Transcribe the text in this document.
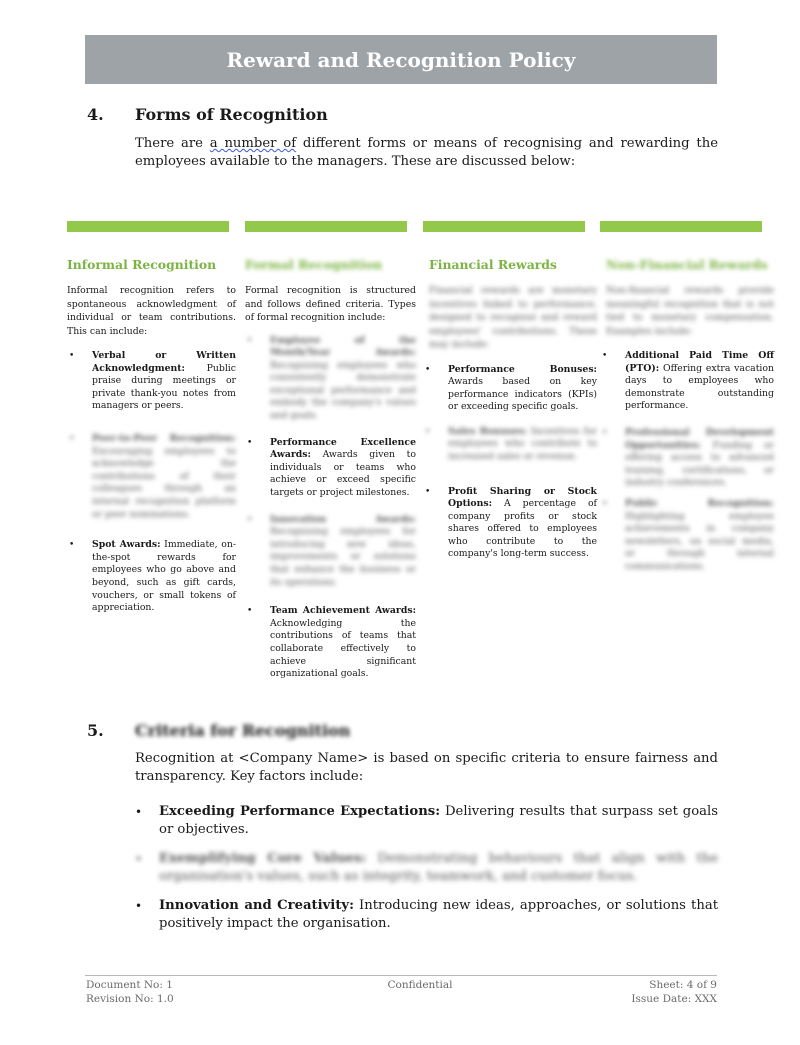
Reward and Recognition Policy
4. Forms of Recognition

There are a number of different forms or means of recognising and rewarding the employees available to the managers. These are discussed below:

Informal Recognition
Informal recognition refers to spontaneous acknowledgment of individual or team contributions. This can include:
• Verbal or Written Acknowledgment: Public praise during meetings or private thank-you notes from managers or peers.
• Peer-to-Peer Recognition: Encouraging employees to acknowledge the contributions of their colleagues through an internal recognition platform or peer nominations.
• Spot Awards: Immediate, on-the-spot rewards for employees who go above and beyond, such as gift cards, vouchers, or small tokens of appreciation.
Formal Recognition
Formal recognition is structured and follows defined criteria. Types of formal recognition include:
• Employee of the Month/Year Awards: Recognising employees who consistently demonstrate exceptional performance and embody the company's values and goals.
• Performance Excellence Awards: Awards given to individuals or teams who achieve or exceed specific targets or project milestones.
• Innovation Awards: Recognising employees for introducing new ideas, improvements or solutions that enhance the business or its operations.
• Team Achievement Awards: Acknowledging the contributions of teams that collaborate effectively to achieve significant organizational goals.
Financial Rewards
Financial rewards are monetary incentives linked to performance, designed to recognise and reward employees' contributions. These may include:
• Performance Bonuses: Awards based on key performance indicators (KPIs) or exceeding specific goals.
• Sales Bonuses: Incentives for employees who contribute to increased sales or revenue.
• Profit Sharing or Stock Options: A percentage of company profits or stock shares offered to employees who contribute to the company's long-term success.
Non-Financial Rewards
Non-financial rewards provide meaningful recognition that is not tied to monetary compensation. Examples include:
• Additional Paid Time Off (PTO): Offering extra vacation days to employees who demonstrate outstanding performance.
• Professional Development Opportunities: Funding or offering access to advanced training, certifications, or industry conferences.
• Public Recognition: Highlighting employee achievements in company newsletters, on social media, or through internal communications.
5. Criteria for Recognition

Recognition at <Company Name> is based on specific criteria to ensure fairness and transparency. Key factors include:

• Exceeding Performance Expectations: Delivering results that surpass set goals or objectives.
• Exemplifying Core Values: Demonstrating behaviours that align with the organisation's values, such as integrity, teamwork, and customer focus.
• Innovation and Creativity: Introducing new ideas, approaches, or solutions that positively impact the organisation.
Document No: 1
Revision No: 1.0
Confidential	Sheet: 4 of 9
Issue Date: XXX
